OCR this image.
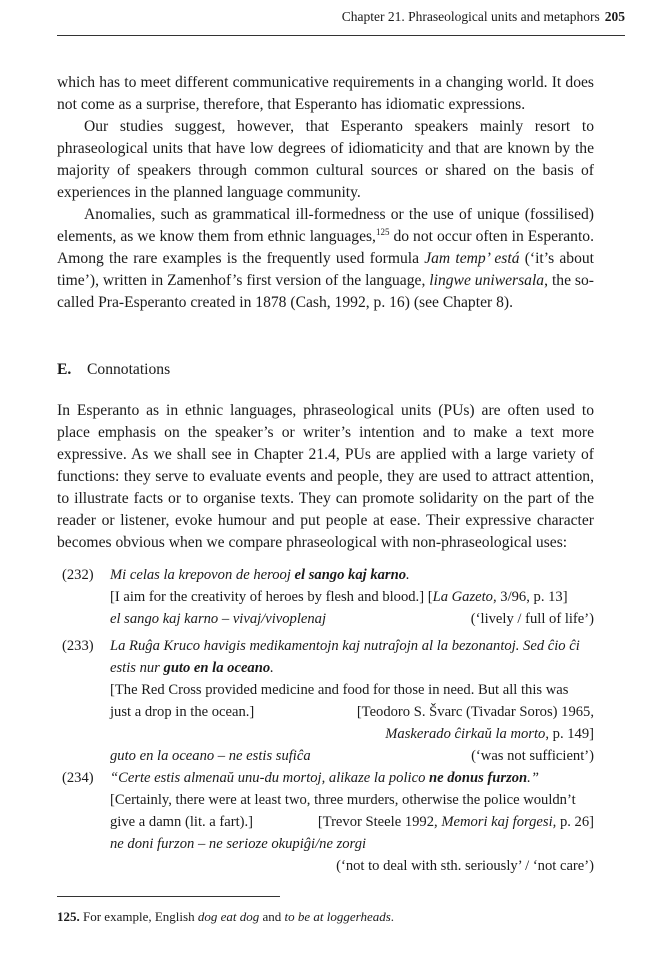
Chapter 21. Phraseological units and metaphors 205

which has to meet different communicative requirements in a changing world. It does not come as a surprise, therefore, that Esperanto has idiomatic expressions.

Our studies suggest, however, that Esperanto speakers mainly resort to phraseological units that have low degrees of idiomaticity and that are known by the majority of speakers through common cultural sources or shared on the basis of experiences in the planned language community.

Anomalies, such as grammatical ill-formedness or the use of unique (fossilised) elements, as we know them from ethnic languages,$^{125}$ do not occur often in Esperanto. Among the rare examples is the frequently used formula Jam temp’ está (‘it’s about time’), written in Zamenhof’s first version of the language, lingwe uniwersala, the so-called Pra-Esperanto created in 1878 (Cash, 1992, p. 16) (see Chapter 8).

E. Connotations

In Esperanto as in ethnic languages, phraseological units (PUs) are often used to place emphasis on the speaker’s or writer’s intention and to make a text more expressive. As we shall see in Chapter 21.4, PUs are applied with a large variety of functions: they serve to evaluate events and people, they are used to attract attention, to illustrate facts or to organise texts. They can promote solidarity on the part of the reader or listener, evoke humour and put people at ease. Their expressive character becomes obvious when we compare phraseological with non-phraseological uses:

(232)	Mi celas la krepovon de herooj el sango kaj karno.
[I aim for the creativity of heroes by flesh and blood.] [La Gazeto, 3/96, p. 13]
el sango kaj karno – vivaj/vivoplenaj	(‘lively / full of life’)
(233)	La Ruĝa Kruco havigis medikamentojn kaj nutraĵojn al la bezonantoj. Sed ĉio ĉi estis nur guto en la oceano.
[The Red Cross provided medicine and food for those in need. But all this was
just a drop in the ocean.]	[Teodoro S. Švarc (Tivadar Soros) 1965,
Maskerado ĉirkaŭ la morto, p. 149]
guto en la oceano – ne estis sufiĉa	(‘was not sufficient’)
(234)	“Certe estis almenaŭ unu-du mortoj, alikaze la polico ne donus furzon.”
[Certainly, there were at least two, three murders, otherwise the police wouldn’t
give a damn (lit. a fart).]	[Trevor Steele 1992, Memori kaj forgesi, p. 26]
ne doni furzon – ne serioze okupiĝi/ne zorgi
(‘not to deal with sth. seriously’ / ‘not care’)
125. For example, English dog eat dog and to be at loggerheads.
